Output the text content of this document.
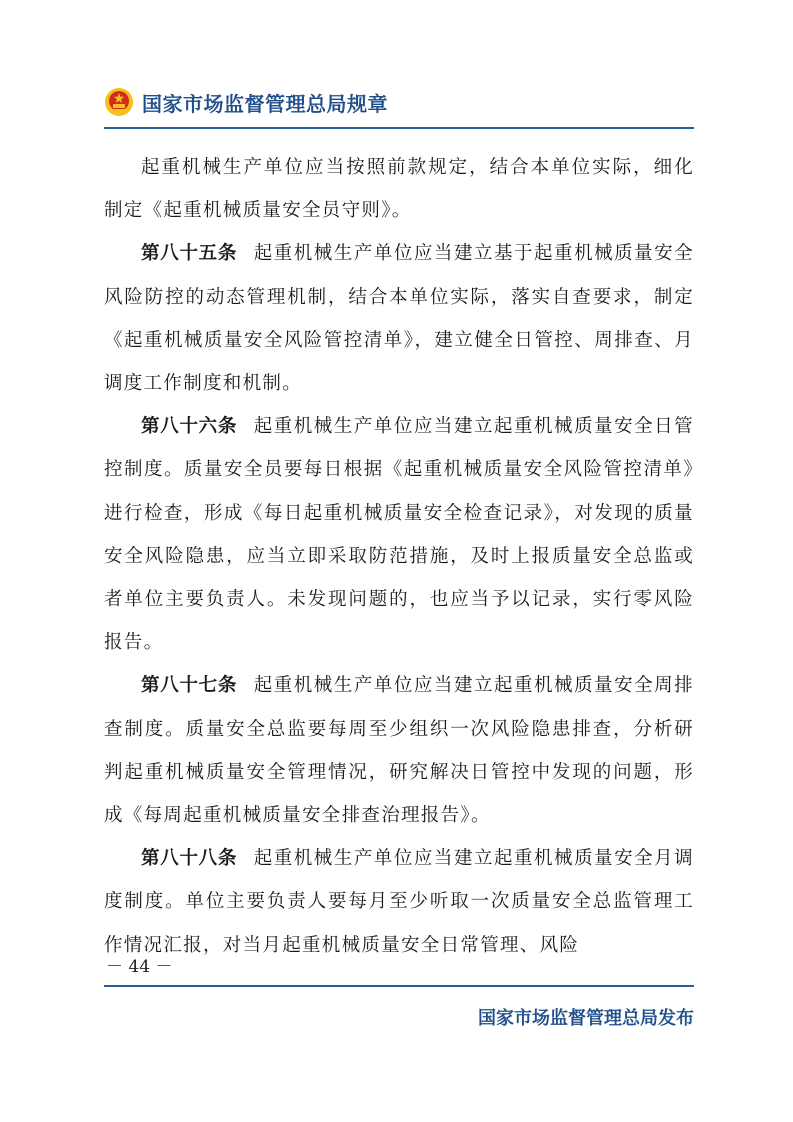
国家市场监督管理总局规章

起重机械生产单位应当按照前款规定，结合本单位实际，细化制定《起重机械质量安全员守则》。

第八十五条 起重机械生产单位应当建立基于起重机械质量安全风险防控的动态管理机制，结合本单位实际，落实自查要求，制定《起重机械质量安全风险管控清单》，建立健全日管控、周排查、月调度工作制度和机制。

第八十六条 起重机械生产单位应当建立起重机械质量安全日管控制度。质量安全员要每日根据《起重机械质量安全风险管控清单》进行检查，形成《每日起重机械质量安全检查记录》，对发现的质量安全风险隐患，应当立即采取防范措施，及时上报质量安全总监或者单位主要负责人。未发现问题的，也应当予以记录，实行零风险报告。

第八十七条 起重机械生产单位应当建立起重机械质量安全周排查制度。质量安全总监要每周至少组织一次风险隐患排查，分析研判起重机械质量安全管理情况，研究解决日管控中发现的问题，形成《每周起重机械质量安全排查治理报告》。

第八十八条 起重机械生产单位应当建立起重机械质量安全月调度制度。单位主要负责人要每月至少听取一次质量安全总监管理工作情况汇报，对当月起重机械质量安全日常管理、风险

－ 44 －
国家市场监督管理总局发布
